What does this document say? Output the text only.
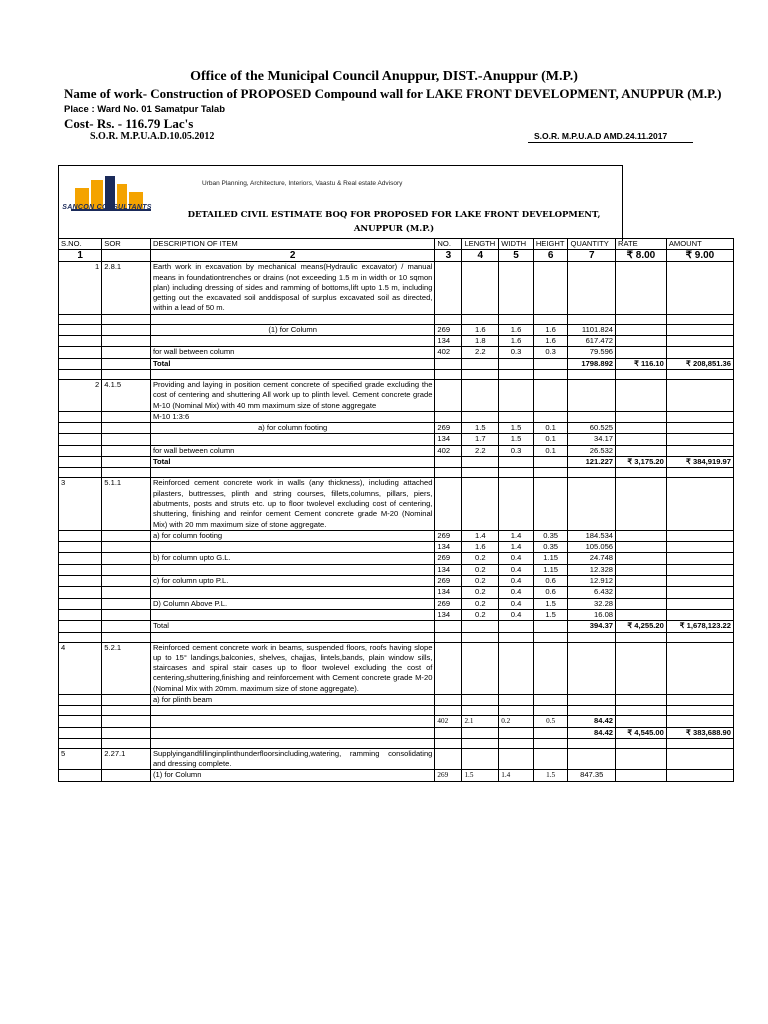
Office of the Municipal Council Anuppur, DIST.-Anuppur (M.P.)
Name of work- Construction of PROPOSED Compound wall for LAKE FRONT DEVELOPMENT, ANUPPUR (M.P.)
Place : Ward No. 01 Samatpur Talab
Cost- Rs. - 116.79 Lac's
S.O.R. M.P.U.A.D.10.05.2012	S.O.R. M.P.U.A.D AMD.24.11.2017
SANCON CONSULTANTS
Urban Planning, Architecture, Interiors, Vaastu & Real estate Advisory
DETAILED CIVIL ESTIMATE BOQ FOR PROPOSED FOR LAKE FRONT DEVELOPMENT, ANUPPUR (M.P.)
S.NO.	SOR	DESCRIPTION OF ITEM	NO.	LENGTH	WIDTH	HEIGHT	QUANTITY	RATE	AMOUNT
1		2	3	4	5	6	7	₹ 8.00	₹ 9.00
1	2.8.1	Earth work in excavation by mechanical means(Hydraulic excavator) / manual means in foundationtrenches or drains (not exceeding 1.5 m in width or 10 sqmon plan) including dressing of sides and ramming of bottoms,lift upto 1.5 m, including getting out the excavated soil anddisposal of surplus excavated soil as directed, within a lead of 50 m.							

		(1) for Column	269	1.6	1.6	1.6	1101.824		
			134	1.8	1.6	1.6	617.472		
		for wall between column	402	2.2	0.3	0.3	79.596		
		Total					1798.892	₹ 116.10	₹ 208,851.36

2	4.1.5	Providing and laying in position cement concrete of specified grade excluding the cost of centering and shuttering All work up to plinth level. Cement concrete grade M-10 (Nominal Mix) with 40 mm maximum size of stone aggregate							
		M-10 1:3:6							
		a) for column footing	269	1.5	1.5	0.1	60.525		
			134	1.7	1.5	0.1	34.17		
		for wall between column	402	2.2	0.3	0.1	26.532		
		Total					121.227	₹ 3,175.20	₹ 384,919.97

3	5.1.1	Reinforced cement concrete work in walls (any thickness), including attached pilasters, buttresses, plinth and string courses, fillets,columns, pillars, piers, abutments, posts and struts etc. up to floor twolevel excluding cost of centering, shuttering, finishing and reinfor cement Cement concrete grade M-20 (Nominal Mix) with 20 mm maximum size of stone aggregate.							
		a) for column footing	269	1.4	1.4	0.35	184.534		
			134	1.6	1.4	0.35	105.056		
		b) for column upto G.L.	269	0.2	0.4	1.15	24.748		
			134	0.2	0.4	1.15	12.328		
		c) for column upto P.L.	269	0.2	0.4	0.6	12.912		
			134	0.2	0.4	0.6	6.432		
		D) Column Above P.L.	269	0.2	0.4	1.5	32.28		
			134	0.2	0.4	1.5	16.08		
		Total					394.37	₹ 4,255.20	₹ 1,678,123.22

4	5.2.1	Reinforced cement concrete work in beams, suspended floors, roofs having slope up to 15° landings,balconies, shelves, chajjas, lintels,bands, plain window sills, staircases and spiral stair cases up to floor twolevel excluding the cost of centering,shuttering,finishing and reinforcement with Cement concrete grade M-20 (Nominal Mix with 20mm. maximum size of stone aggregate).							
		a) for plinth beam							

			402	2.1	0.2	0.5	84.42		
							84.42	₹ 4,545.00	₹ 383,688.90

5	2.27.1	Supplyingandfillinginplinthunderfloorsincluding,watering, ramming consolidating and dressing complete.							
		(1) for Column	269	1.5	1.4	1.5	847.35		
